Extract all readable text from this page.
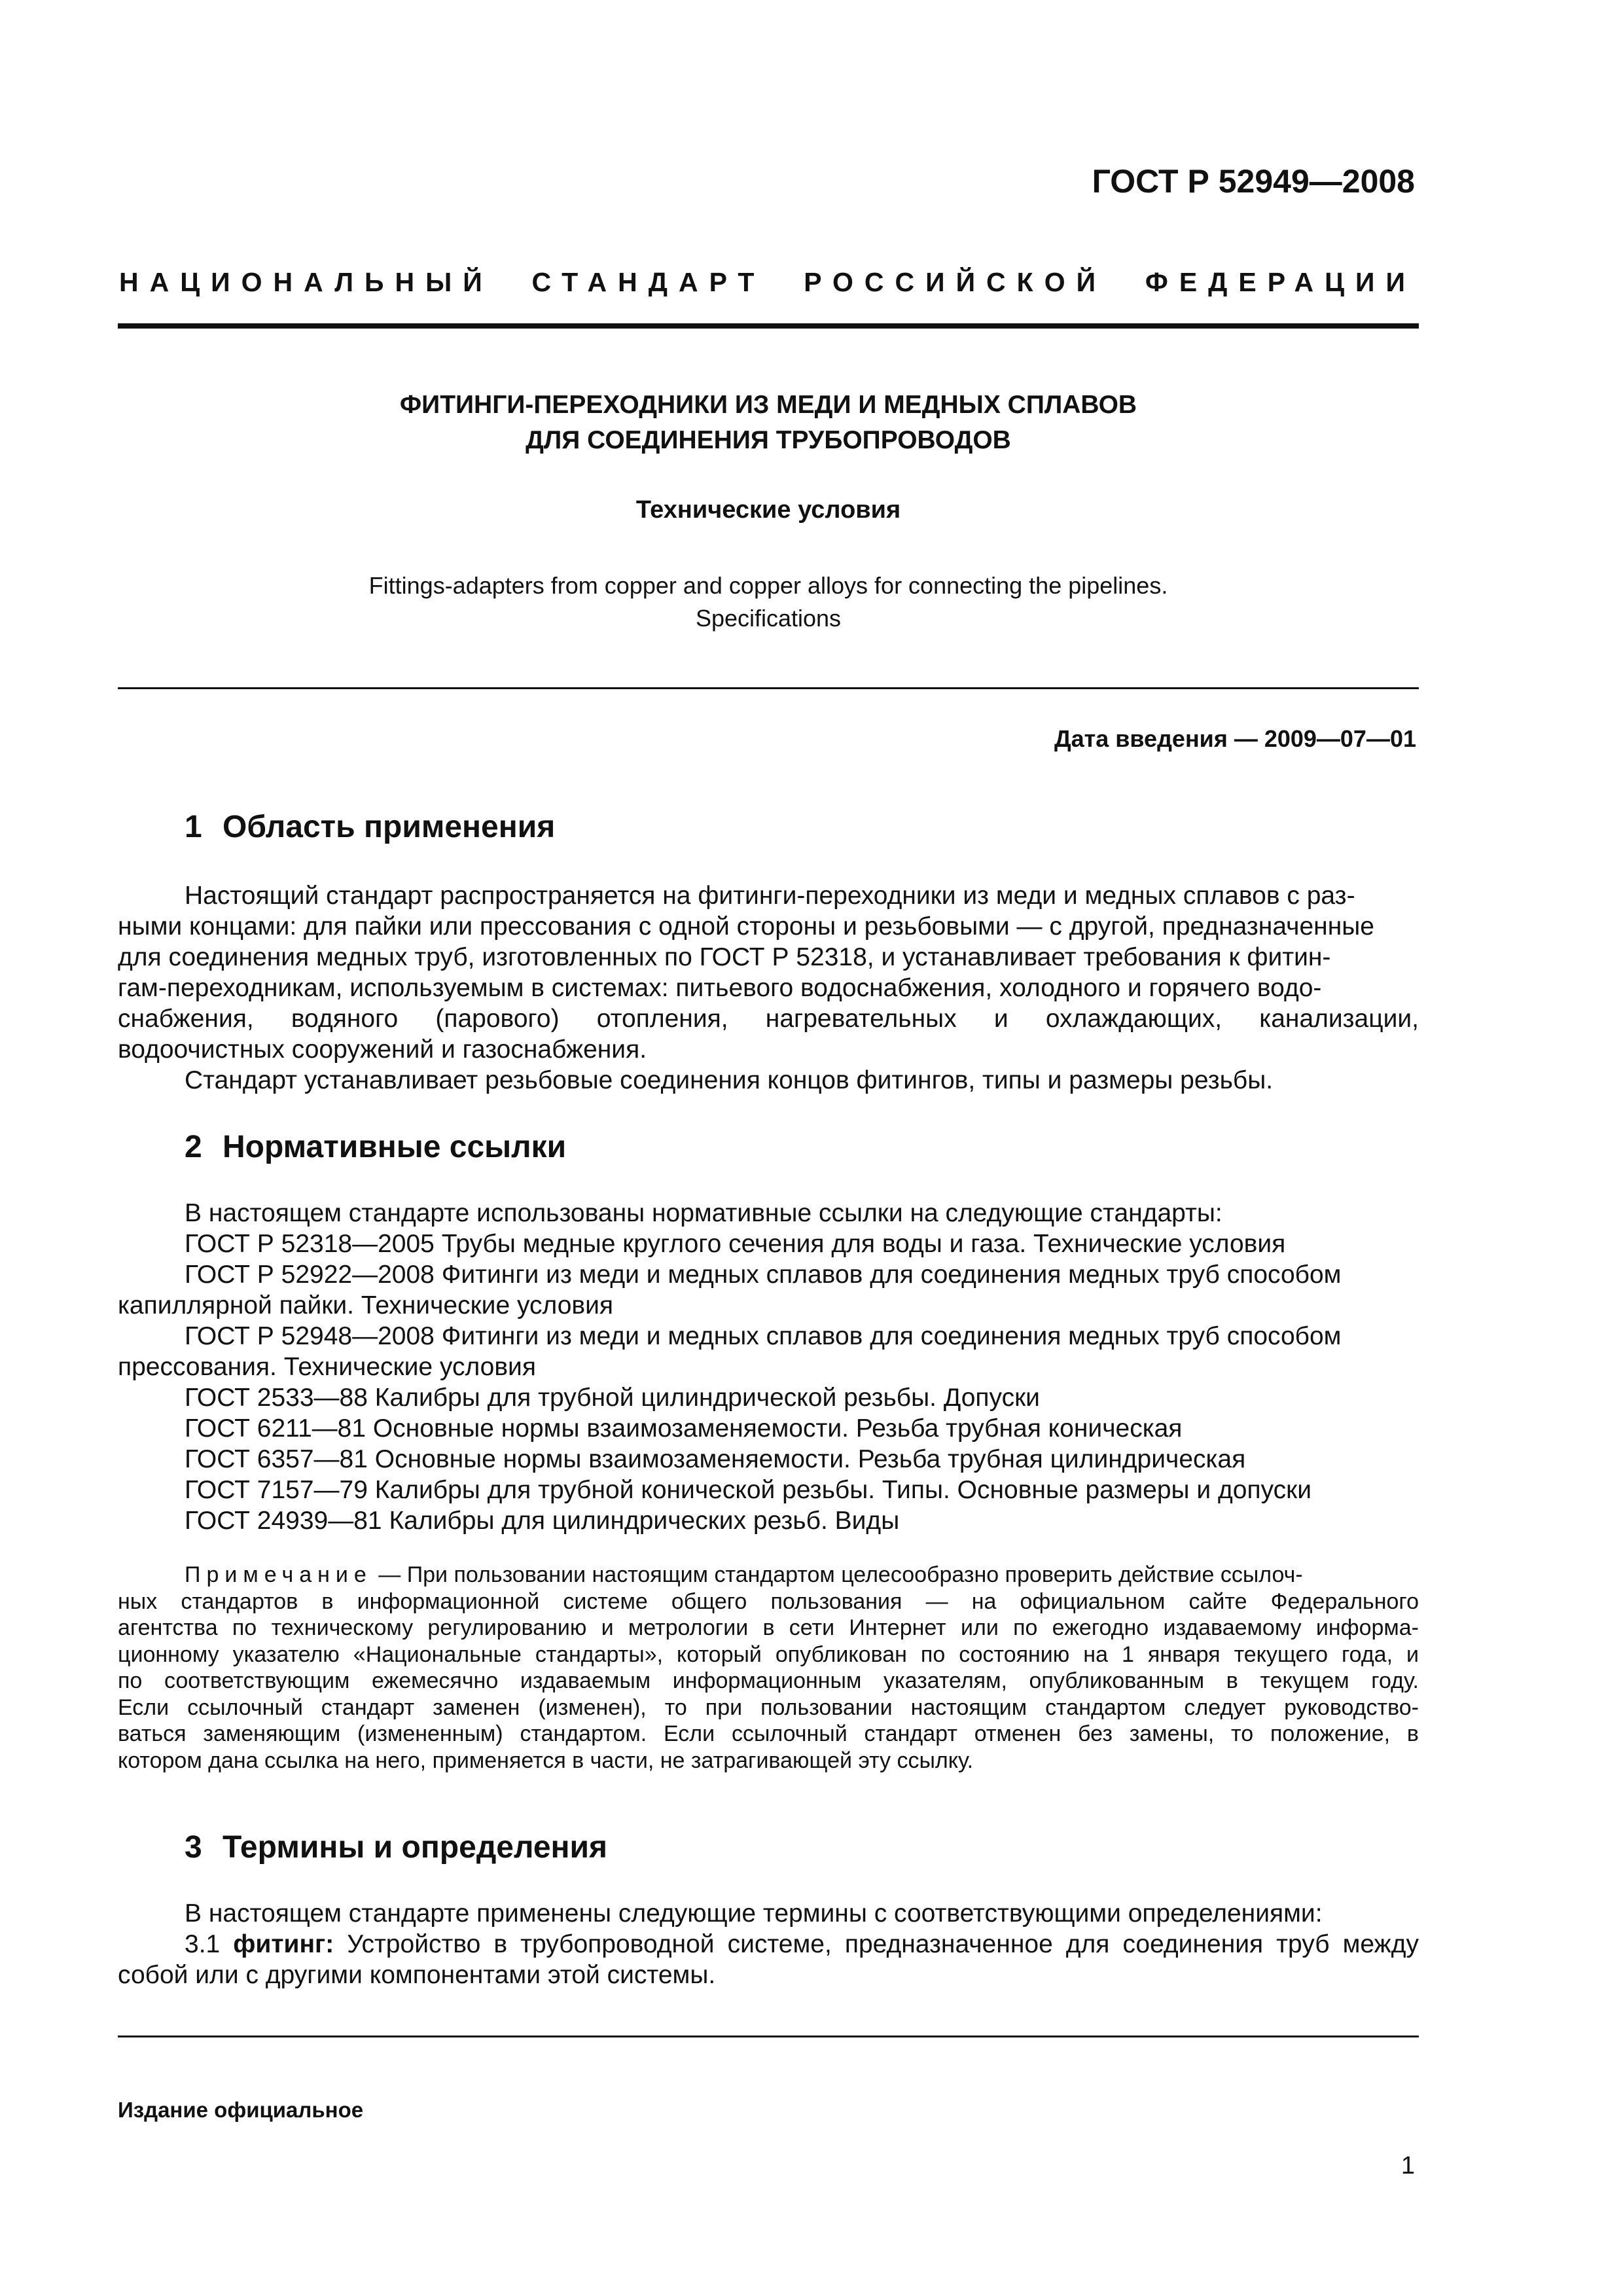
ГОСТ Р 52949—2008
НАЦИОНАЛЬНЫЙ СТАНДАРТ РОССИЙСКОЙ ФЕДЕРАЦИИ
ФИТИНГИ-ПЕРЕХОДНИКИ ИЗ МЕДИ И МЕДНЫХ СПЛАВОВ
ДЛЯ СОЕДИНЕНИЯ ТРУБОПРОВОДОВ
Технические условия
Fittings-adapters from copper and copper alloys for connecting the pipelines.
Specifications
Дата введения — 2009—07—01
1 Область применения
Настоящий стандарт распространяется на фитинги-переходники из меди и медных сплавов с раз-
ными концами: для пайки или прессования с одной стороны и резьбовыми — с другой, предназначенные
для соединения медных труб, изготовленных по ГОСТ Р 52318, и устанавливает требования к фитин-
гам-переходникам, используемым в системах: питьевого водоснабжения, холодного и горячего водо-
снабжения, водяного (парового) отопления, нагревательных и охлаждающих, канализации,
водоочистных сооружений и газоснабжения.
Стандарт устанавливает резьбовые соединения концов фитингов, типы и размеры резьбы.
2 Нормативные ссылки
В настоящем стандарте использованы нормативные ссылки на следующие стандарты:
ГОСТ Р 52318—2005 Трубы медные круглого сечения для воды и газа. Технические условия
ГОСТ Р 52922—2008 Фитинги из меди и медных сплавов для соединения медных труб способом
капиллярной пайки. Технические условия
ГОСТ Р 52948—2008 Фитинги из меди и медных сплавов для соединения медных труб способом
прессования. Технические условия
ГОСТ 2533—88 Калибры для трубной цилиндрической резьбы. Допуски
ГОСТ 6211—81 Основные нормы взаимозаменяемости. Резьба трубная коническая
ГОСТ 6357—81 Основные нормы взаимозаменяемости. Резьба трубная цилиндрическая
ГОСТ 7157—79 Калибры для трубной конической резьбы. Типы. Основные размеры и допуски
ГОСТ 24939—81 Калибры для цилиндрических резьб. Виды
Примечание — При пользовании настоящим стандартом целесообразно проверить действие ссылоч-
ных стандартов в информационной системе общего пользования — на официальном сайте Федерального
агентства по техническому регулированию и метрологии в сети Интернет или по ежегодно издаваемому информа-
ционному указателю «Национальные стандарты», который опубликован по состоянию на 1 января текущего года, и
по соответствующим ежемесячно издаваемым информационным указателям, опубликованным в текущем году.
Если ссылочный стандарт заменен (изменен), то при пользовании настоящим стандартом следует руководство-
ваться заменяющим (измененным) стандартом. Если ссылочный стандарт отменен без замены, то положение, в
котором дана ссылка на него, применяется в части, не затрагивающей эту ссылку.
3 Термины и определения
В настоящем стандарте применены следующие термины с соответствующими определениями:
3.1 фитинг: Устройство в трубопроводной системе, предназначенное для соединения труб между
собой или с другими компонентами этой системы.
Издание официальное
1
